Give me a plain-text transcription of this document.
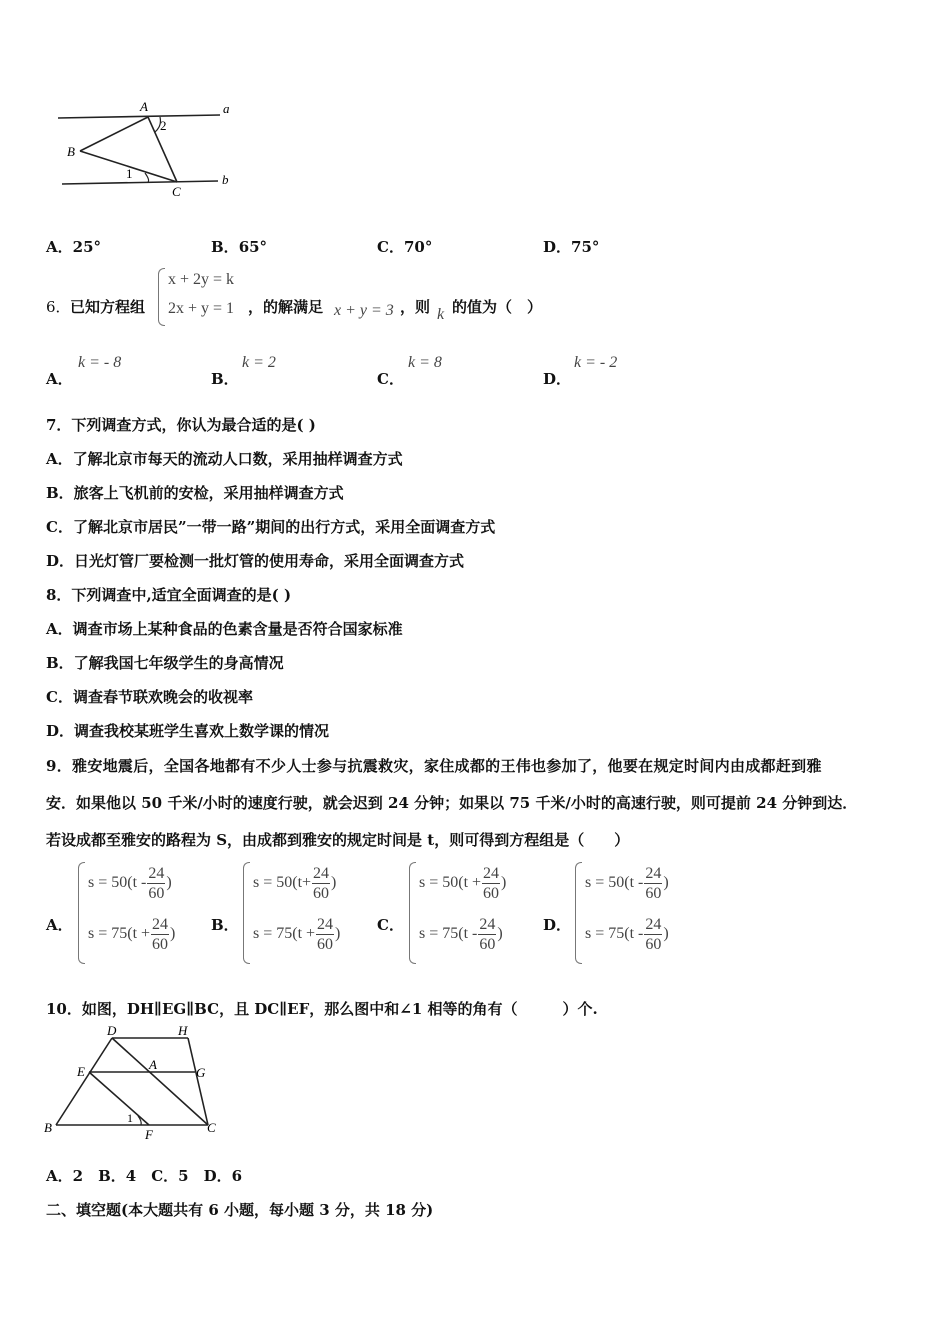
A	a
2
B
1
C
b
A．25°	B．65°	C．70°	D．75°
6． 已知方程组
x + 2y = k
2x + y = 1 ，的解满足 x + y = 3 ，则 k 的值为（　）
A．
k = - 8
B．
k = 2
C．
k = 8
D．
k = - 2
7．下列调查方式，你认为最合适的是( )
A．了解北京市每天的流动人口数，采用抽样调查方式
B．旅客上飞机前的安检，采用抽样调查方式
C．了解北京市居民”一带一路”期间的出行方式，采用全面调查方式
D．日光灯管厂要检测一批灯管的使用寿命，采用全面调查方式
8．下列调查中,适宜全面调查的是( )
A．调查市场上某种食品的色素含量是否符合国家标准
B．了解我国七年级学生的身高情况
C．调查春节联欢晚会的收视率
D．调查我校某班学生喜欢上数学课的情况
9．雅安地震后，全国各地都有不少人士参与抗震救灾，家住成都的王伟也参加了，他要在规定时间内由成都赶到雅
安．如果他以 50 千米/小时的速度行驶，就会迟到 24 分钟；如果以 75 千米/小时的高速行驶，则可提前 24 分钟到达．
若设成都至雅安的路程为 S，由成都到雅安的规定时间是 t，则可得到方程组是（　　）
A．
$s = 50(t - \frac{24}{60}$ )
$s = 75(t + \frac{24}{60}$ ) B．
$s = 50(t+ \frac{24}{60}$ )
$s = 75(t + \frac{24}{60}$ ) C．
$s = 50(t + \frac{24}{60}$ )
$s = 75(t - \frac{24}{60}$ )	D．
$s = 50(t - \frac{24}{60}$ )
$s = 75(t - \frac{24}{60}$ )
10．如图，DH∥EG∥BC，且 DC∥EF，那么图中和∠1 相等的角有（　　　）个.
D	H
E	A
G
1
B	F	C
A．2　B．4　C．5　D．6
二、填空题(本大题共有 6 小题，每小题 3 分，共 18 分)
